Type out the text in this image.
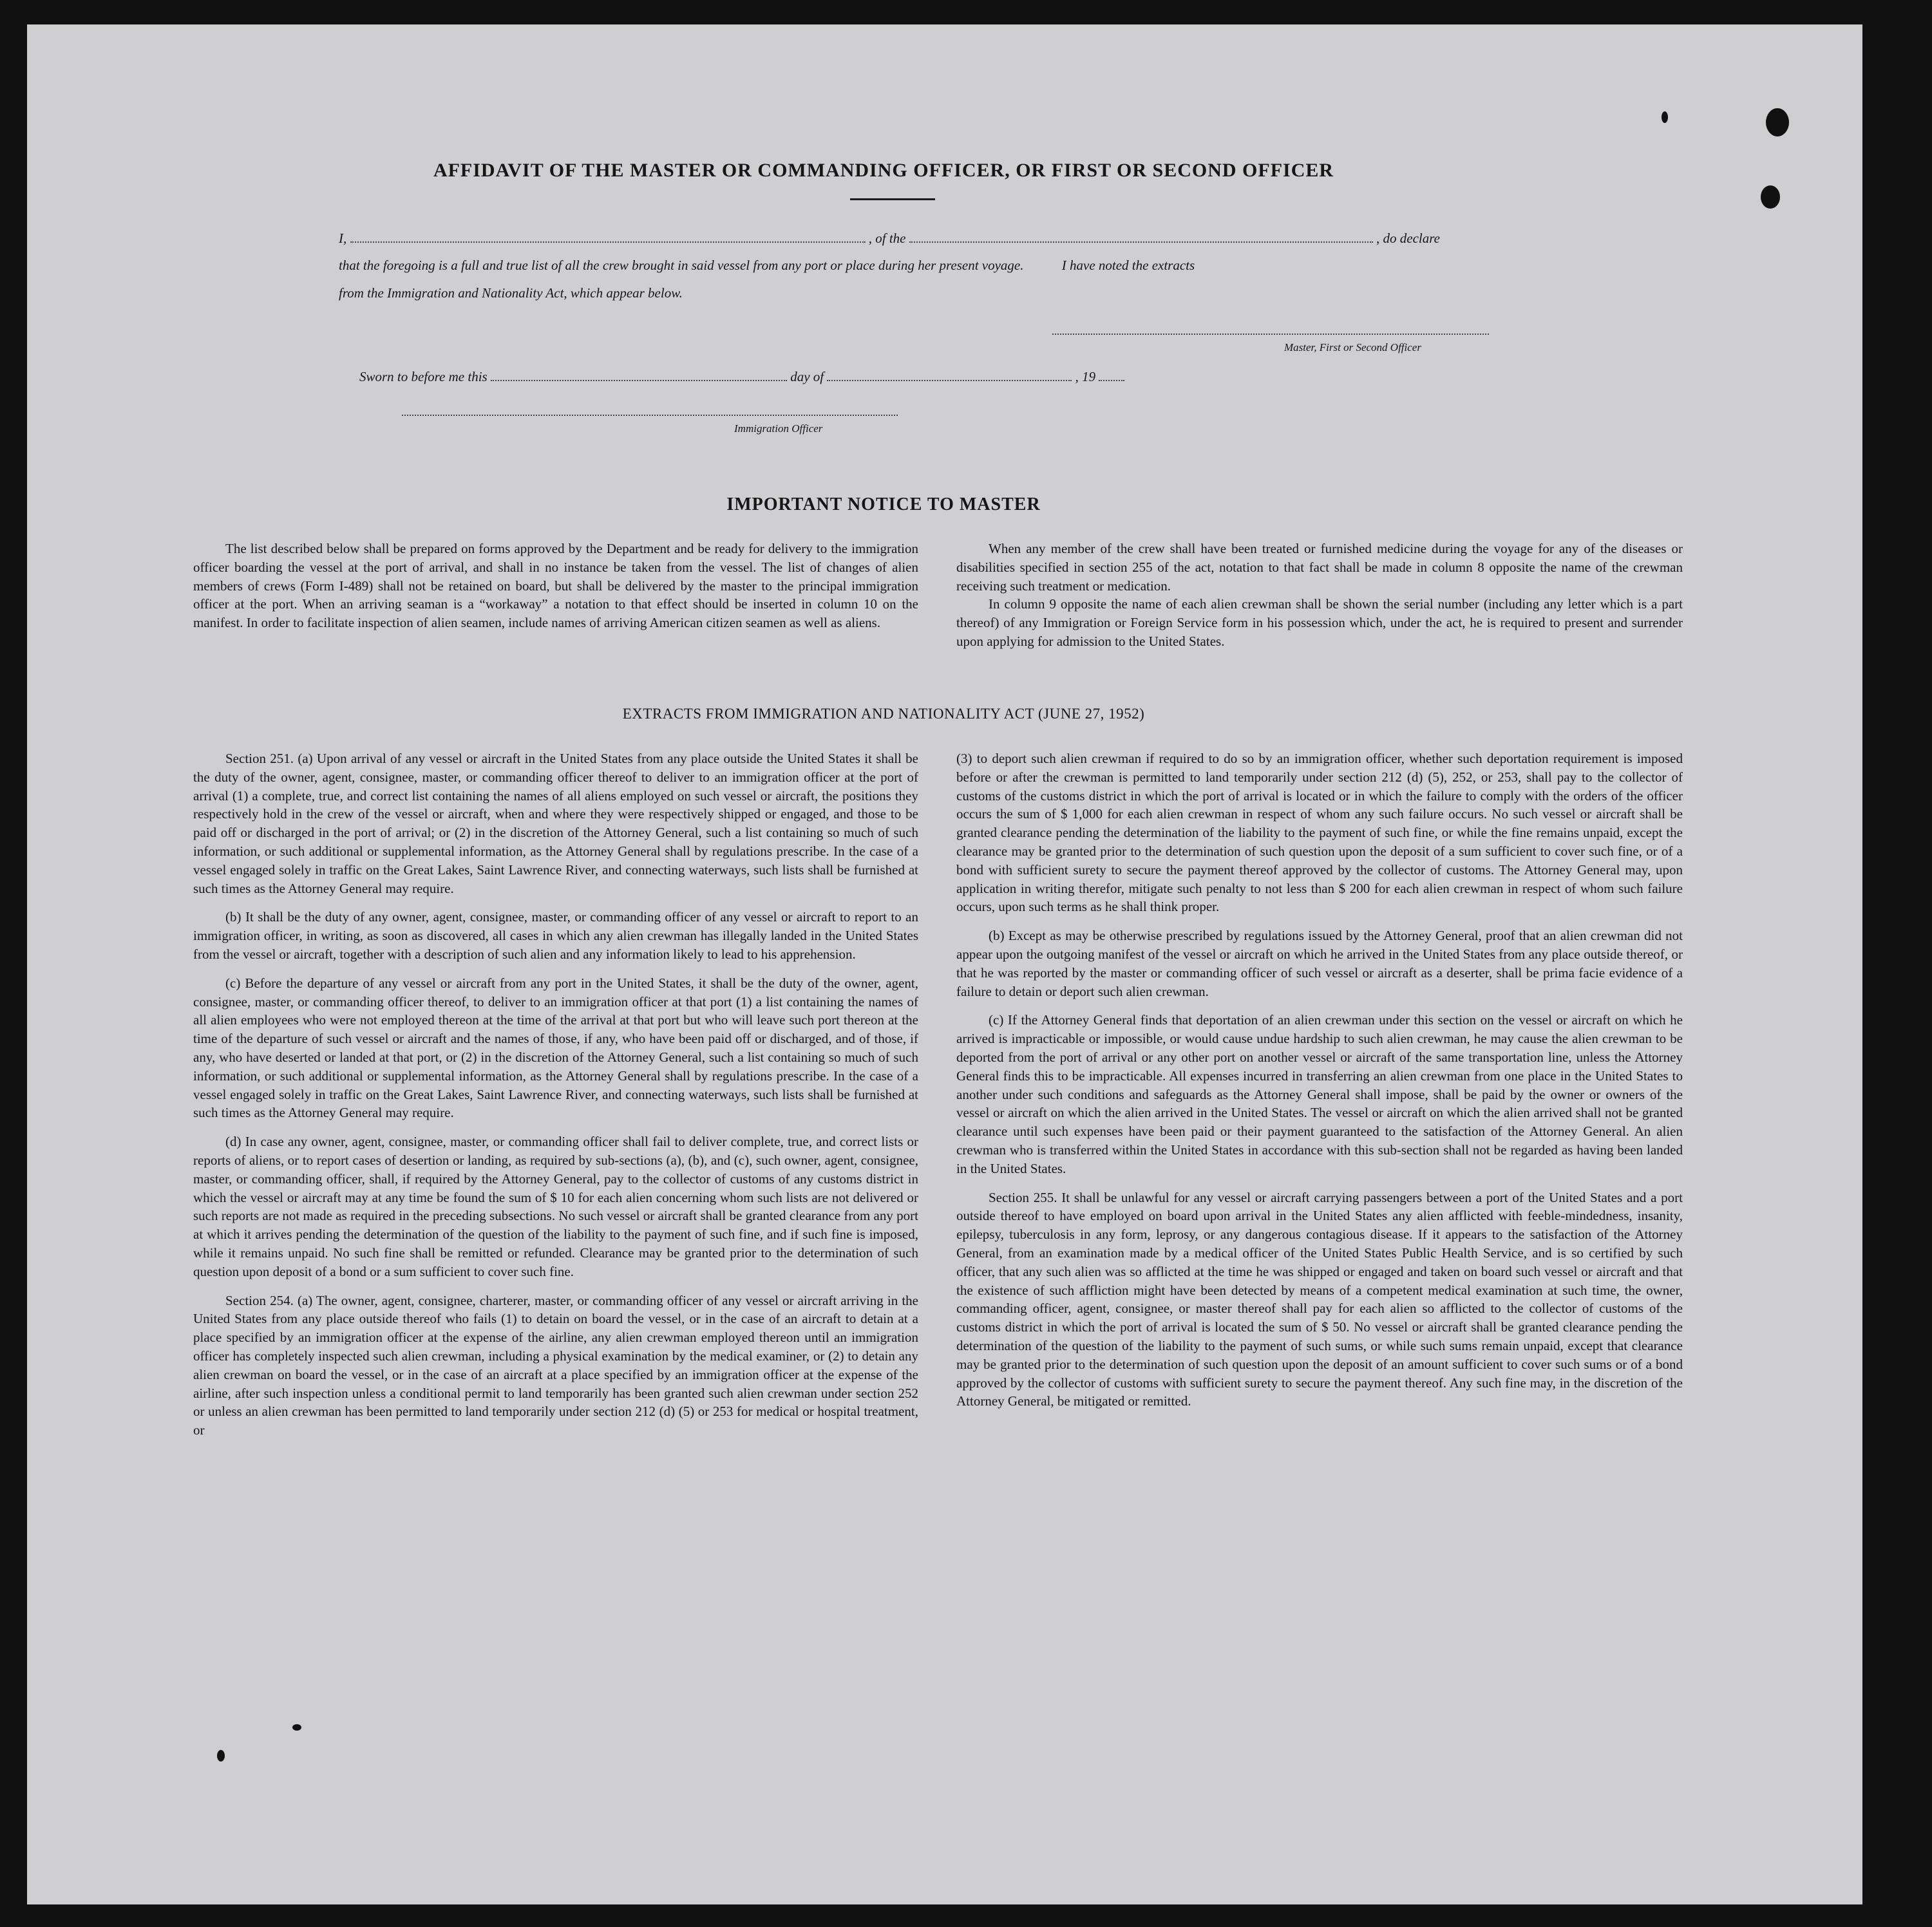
AFFIDAVIT OF THE MASTER OR COMMANDING OFFICER, OR FIRST OR SECOND OFFICER
I,	, of the	, do declare
that the foregoing is a full and true list of all the crew brought in said vessel from any port or place during her present voyage.	I have noted the extracts
from the Immigration and Nationality Act, which appear below.
Master, First or Second Officer
Sworn to before me this	day of	, 19
Immigration Officer
IMPORTANT NOTICE TO MASTER

The list described below shall be prepared on forms approved by the Department and be ready for delivery to the immigration officer boarding the vessel at the port of arrival, and shall in no instance be taken from the vessel. The list of changes of alien members of crews (Form I-489) shall not be retained on board, but shall be delivered by the master to the principal immigration officer at the port. When an arriving seaman is a “workaway” a notation to that effect should be inserted in column 10 on the manifest. In order to facilitate inspection of alien seamen, include names of arriving American citizen seamen as well as aliens.

When any member of the crew shall have been treated or furnished medicine during the voyage for any of the diseases or disabilities specified in section 255 of the act, notation to that fact shall be made in column 8 opposite the name of the crewman receiving such treatment or medication.

In column 9 opposite the name of each alien crewman shall be shown the serial number (including any letter which is a part thereof) of any Immigration or Foreign Service form in his possession which, under the act, he is required to present and surrender upon applying for admission to the United States.

EXTRACTS FROM IMMIGRATION AND NATIONALITY ACT (JUNE 27, 1952)

Section 251. (a) Upon arrival of any vessel or aircraft in the United States from any place outside the United States it shall be the duty of the owner, agent, consignee, master, or commanding officer thereof to deliver to an immigration officer at the port of arrival (1) a complete, true, and correct list containing the names of all aliens employed on such vessel or aircraft, the positions they respectively hold in the crew of the vessel or aircraft, when and where they were respectively shipped or engaged, and those to be paid off or discharged in the port of arrival; or (2) in the discretion of the Attorney General, such a list containing so much of such information, or such additional or supplemental information, as the Attorney General shall by regulations prescribe. In the case of a vessel engaged solely in traffic on the Great Lakes, Saint Lawrence River, and connecting waterways, such lists shall be furnished at such times as the Attorney General may require.

(b) It shall be the duty of any owner, agent, consignee, master, or commanding officer of any vessel or aircraft to report to an immigration officer, in writing, as soon as discovered, all cases in which any alien crewman has illegally landed in the United States from the vessel or aircraft, together with a description of such alien and any information likely to lead to his apprehension.

(c) Before the departure of any vessel or aircraft from any port in the United States, it shall be the duty of the owner, agent, consignee, master, or commanding officer thereof, to deliver to an immigration officer at that port (1) a list containing the names of all alien employees who were not employed thereon at the time of the arrival at that port but who will leave such port thereon at the time of the departure of such vessel or aircraft and the names of those, if any, who have been paid off or discharged, and of those, if any, who have deserted or landed at that port, or (2) in the discretion of the Attorney General, such a list containing so much of such information, or such additional or supplemental information, as the Attorney General shall by regulations prescribe. In the case of a vessel engaged solely in traffic on the Great Lakes, Saint Lawrence River, and connecting waterways, such lists shall be furnished at such times as the Attorney General may require.

(d) In case any owner, agent, consignee, master, or commanding officer shall fail to deliver complete, true, and correct lists or reports of aliens, or to report cases of desertion or landing, as required by sub-sections (a), (b), and (c), such owner, agent, consignee, master, or commanding officer, shall, if required by the Attorney General, pay to the collector of customs of any customs district in which the vessel or aircraft may at any time be found the sum of $ 10 for each alien concerning whom such lists are not delivered or such reports are not made as required in the preceding subsections. No such vessel or aircraft shall be granted clearance from any port at which it arrives pending the determination of the question of the liability to the payment of such fine, and if such fine is imposed, while it remains unpaid. No such fine shall be remitted or refunded. Clearance may be granted prior to the determination of such question upon deposit of a bond or a sum sufficient to cover such fine.

Section 254. (a) The owner, agent, consignee, charterer, master, or commanding officer of any vessel or aircraft arriving in the United States from any place outside thereof who fails (1) to detain on board the vessel, or in the case of an aircraft to detain at a place specified by an immigration officer at the expense of the airline, any alien crewman employed thereon until an immigration officer has completely inspected such alien crewman, including a physical examination by the medical examiner, or (2) to detain any alien crewman on board the vessel, or in the case of an aircraft at a place specified by an immigration officer at the expense of the airline, after such inspection unless a conditional permit to land temporarily has been granted such alien crewman under section 252 or unless an alien crewman has been permitted to land temporarily under section 212 (d) (5) or 253 for medical or hospital treatment, or

(3) to deport such alien crewman if required to do so by an immigration officer, whether such deportation requirement is imposed before or after the crewman is permitted to land temporarily under section 212 (d) (5), 252, or 253, shall pay to the collector of customs of the customs district in which the port of arrival is located or in which the failure to comply with the orders of the officer occurs the sum of $ 1,000 for each alien crewman in respect of whom any such failure occurs. No such vessel or aircraft shall be granted clearance pending the determination of the liability to the payment of such fine, or while the fine remains unpaid, except the clearance may be granted prior to the determination of such question upon the deposit of a sum sufficient to cover such fine, or of a bond with sufficient surety to secure the payment thereof approved by the collector of customs. The Attorney General may, upon application in writing therefor, mitigate such penalty to not less than $ 200 for each alien crewman in respect of whom such failure occurs, upon such terms as he shall think proper.

(b) Except as may be otherwise prescribed by regulations issued by the Attorney General, proof that an alien crewman did not appear upon the outgoing manifest of the vessel or aircraft on which he arrived in the United States from any place outside thereof, or that he was reported by the master or commanding officer of such vessel or aircraft as a deserter, shall be prima facie evidence of a failure to detain or deport such alien crewman.

(c) If the Attorney General finds that deportation of an alien crewman under this section on the vessel or aircraft on which he arrived is impracticable or impossible, or would cause undue hardship to such alien crewman, he may cause the alien crewman to be deported from the port of arrival or any other port on another vessel or aircraft of the same transportation line, unless the Attorney General finds this to be impracticable. All expenses incurred in transferring an alien crewman from one place in the United States to another under such conditions and safeguards as the Attorney General shall impose, shall be paid by the owner or owners of the vessel or aircraft on which the alien arrived in the United States. The vessel or aircraft on which the alien arrived shall not be granted clearance until such expenses have been paid or their payment guaranteed to the satisfaction of the Attorney General. An alien crewman who is transferred within the United States in accordance with this sub-section shall not be regarded as having been landed in the United States.

Section 255. It shall be unlawful for any vessel or aircraft carrying passengers between a port of the United States and a port outside thereof to have employed on board upon arrival in the United States any alien afflicted with feeble-mindedness, insanity, epilepsy, tuberculosis in any form, leprosy, or any dangerous contagious disease. If it appears to the satisfaction of the Attorney General, from an examination made by a medical officer of the United States Public Health Service, and is so certified by such officer, that any such alien was so afflicted at the time he was shipped or engaged and taken on board such vessel or aircraft and that the existence of such affliction might have been detected by means of a competent medical examination at such time, the owner, commanding officer, agent, consignee, or master thereof shall pay for each alien so afflicted to the collector of customs of the customs district in which the port of arrival is located the sum of $ 50. No vessel or aircraft shall be granted clearance pending the determination of the question of the liability to the payment of such sums, or while such sums remain unpaid, except that clearance may be granted prior to the determination of such question upon the deposit of an amount sufficient to cover such sums or of a bond approved by the collector of customs with sufficient surety to secure the payment thereof. Any such fine may, in the discretion of the Attorney General, be mitigated or remitted.
